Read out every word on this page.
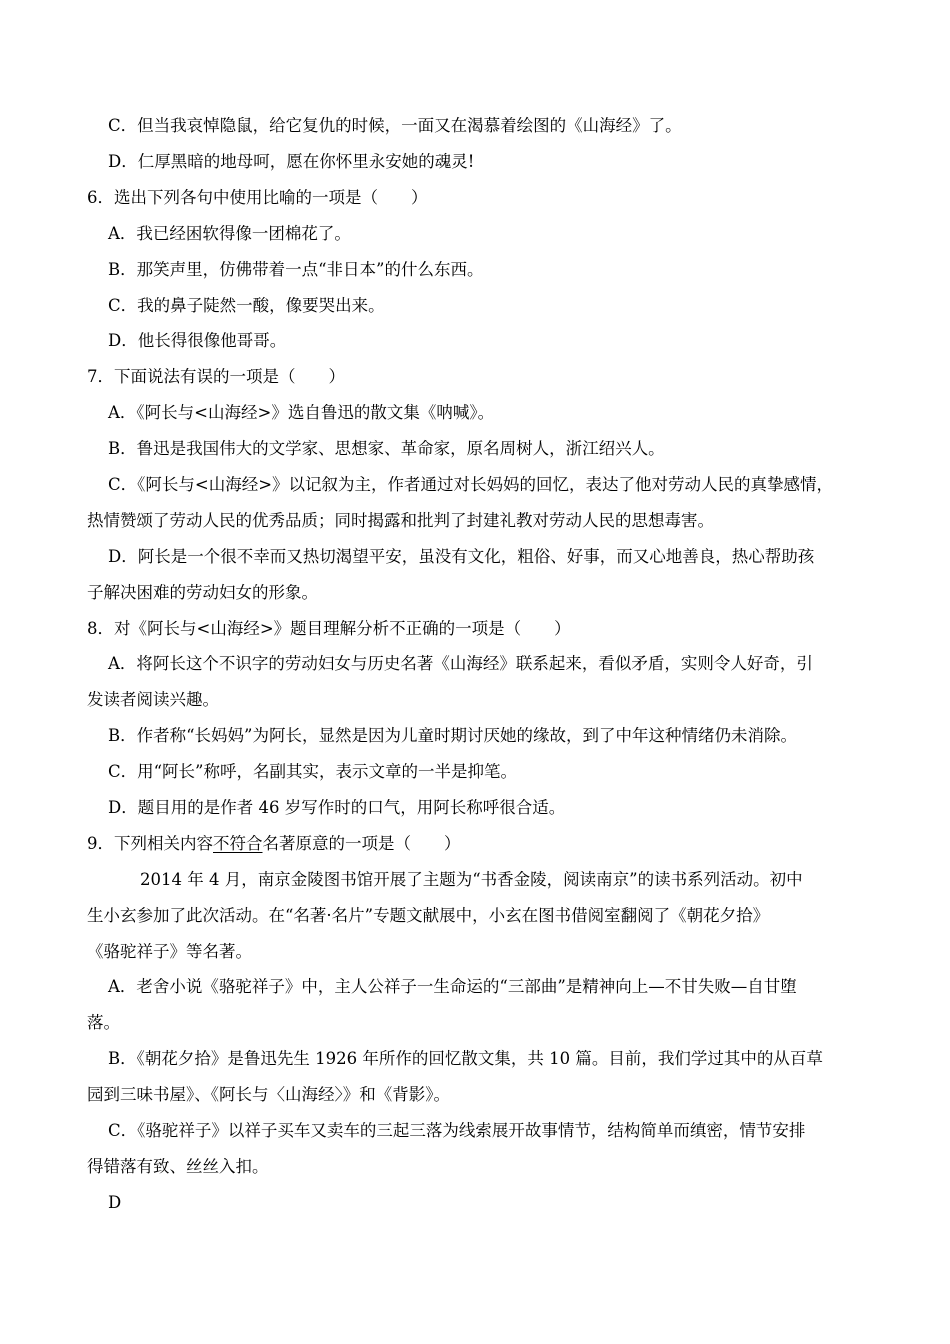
C．但当我哀悼隐鼠，给它复仇的时候，一面又在渴慕着绘图的《山海经》了。
D．仁厚黑暗的地母呵，愿在你怀里永安她的魂灵!
6．选出下列各句中使用比喻的一项是（　　）
A．我已经困软得像一团棉花了。
B．那笑声里，仿佛带着一点“非日本”的什么东西。
C．我的鼻子陡然一酸，像要哭出来。
D．他长得很像他哥哥。
7．下面说法有误的一项是（　　）
A．《阿长与<山海经>》选自鲁迅的散文集《呐喊》。
B．鲁迅是我国伟大的文学家、思想家、革命家，原名周树人，浙江绍兴人。
C．《阿长与<山海经>》以记叙为主，作者通过对长妈妈的回忆，表达了他对劳动人民的真挚感情，
热情赞颂了劳动人民的优秀品质；同时揭露和批判了封建礼教对劳动人民的思想毒害。
D．阿长是一个很不幸而又热切渴望平安，虽没有文化，粗俗、好事，而又心地善良，热心帮助孩
子解决困难的劳动妇女的形象。
8．对《阿长与<山海经>》题目理解分析不正确的一项是（　　）
A．将阿长这个不识字的劳动妇女与历史名著《山海经》联系起来，看似矛盾，实则令人好奇，引
发读者阅读兴趣。
B．作者称“长妈妈”为阿长，显然是因为儿童时期讨厌她的缘故，到了中年这种情绪仍未消除。
C．用“阿长”称呼，名副其实，表示文章的一半是抑笔。
D．题目用的是作者 46 岁写作时的口气，用阿长称呼很合适。
9．下列相关内容不符合名著原意的一项是（　　）
2014 年 4 月，南京金陵图书馆开展了主题为“书香金陵，阅读南京”的读书系列活动。初中
生小玄参加了此次活动。在“名著·名片”专题文献展中，小玄在图书借阅室翻阅了《朝花夕拾》
《骆驼祥子》等名著。
A．老舍小说《骆驼祥子》中，主人公祥子一生命运的“三部曲”是精神向上—不甘失败—自甘堕
落。
B．《朝花夕拾》是鲁迅先生 1926 年所作的回忆散文集，共 10 篇。目前，我们学过其中的从百草
园到三味书屋》、《阿长与〈山海经〉》和《背影》。
C．《骆驼祥子》以祥子买车又卖车的三起三落为线索展开故事情节，结构简单而缜密，情节安排
得错落有致、丝丝入扣。
D
